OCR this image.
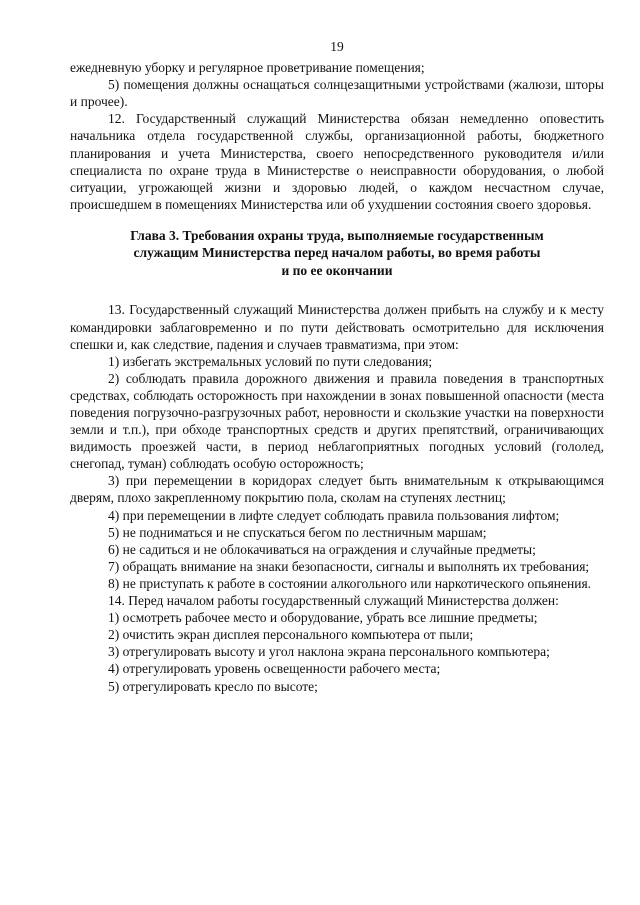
19

ежедневную уборку и регулярное проветривание помещения;

5) помещения должны оснащаться солнцезащитными устройствами (жалюзи, шторы и прочее).

12. Государственный служащий Министерства обязан немедленно оповестить начальника отдела государственной службы, организационной работы, бюджетного планирования и учета Министерства, своего непосредственного руководителя и/или специалиста по охране труда в Министерстве о неисправности оборудования, о любой ситуации, угрожающей жизни и здоровью людей, о каждом несчастном случае, происшедшем в помещениях Министерства или об ухудшении состояния своего здоровья.

Глава 3. Требования охраны труда, выполняемые государственным
служащим Министерства перед началом работы, во время работы
и по ее окончании

13. Государственный служащий Министерства должен прибыть на службу и к месту командировки заблаговременно и по пути действовать осмотрительно для исключения спешки и, как следствие, падения и случаев травматизма, при этом:

1) избегать экстремальных условий по пути следования;

2) соблюдать правила дорожного движения и правила поведения в транспортных средствах, соблюдать осторожность при нахождении в зонах повышенной опасности (места поведения погрузочно-разгрузочных работ, неровности и скользкие участки на поверхности земли и т.п.), при обходе транспортных средств и других препятствий, ограничивающих видимость проезжей части, в период неблагоприятных погодных условий (гололед, снегопад, туман) соблюдать особую осторожность;

3) при перемещении в коридорах следует быть внимательным к открывающимся дверям, плохо закрепленному покрытию пола, сколам на ступенях лестниц;

4) при перемещении в лифте следует соблюдать правила пользования лифтом;

5) не подниматься и не спускаться бегом по лестничным маршам;

6) не садиться и не облокачиваться на ограждения и случайные предметы;

7) обращать внимание на знаки безопасности, сигналы и выполнять их требования;

8) не приступать к работе в состоянии алкогольного или наркотического опьянения.

14. Перед началом работы государственный служащий Министерства должен:

1) осмотреть рабочее место и оборудование, убрать все лишние предметы;

2) очистить экран дисплея персонального компьютера от пыли;

3) отрегулировать высоту и угол наклона экрана персонального компьютера;

4) отрегулировать уровень освещенности рабочего места;

5) отрегулировать кресло по высоте;
